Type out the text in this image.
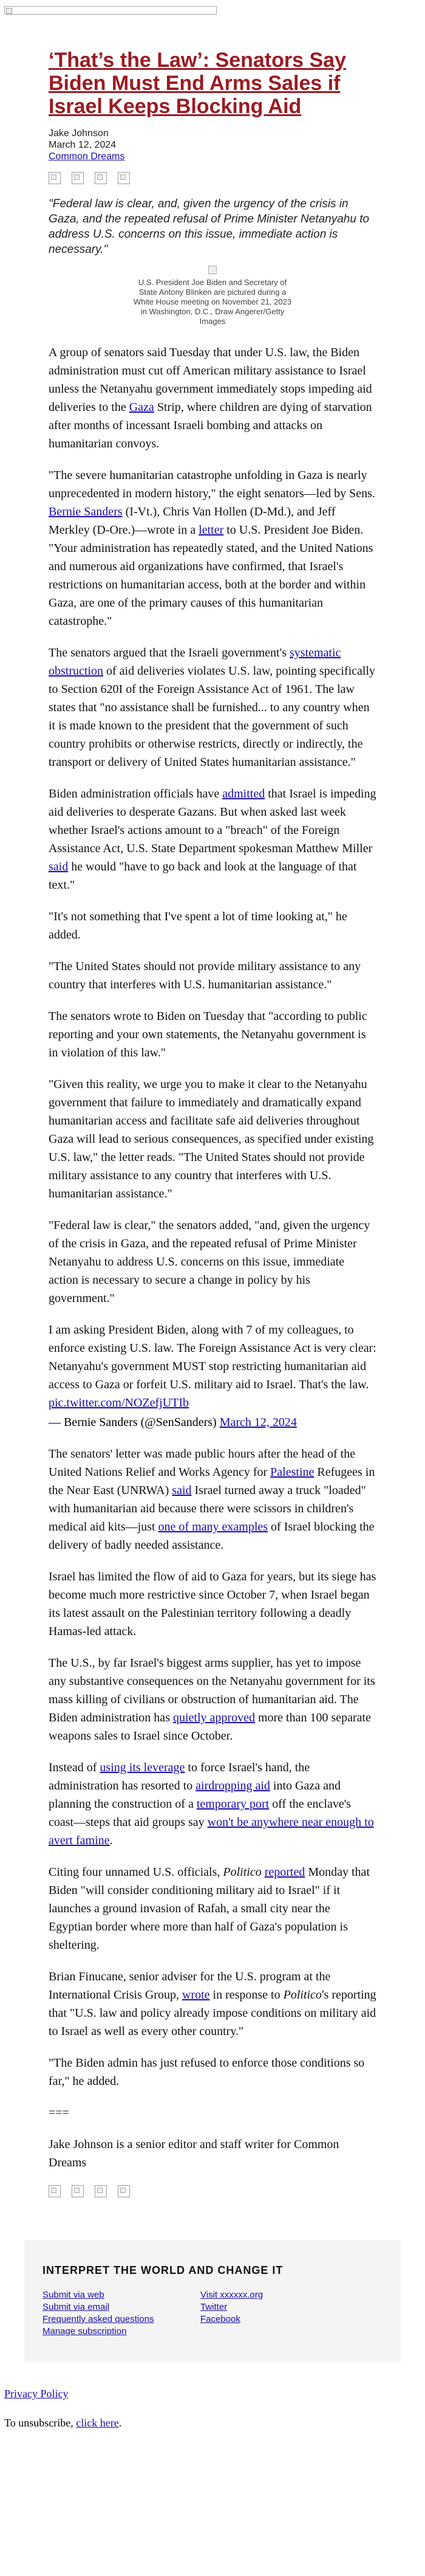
‘That’s the Law’: Senators Say Biden Must End Arms Sales if Israel Keeps Blocking Aid
Jake Johnson
March 12, 2024
Common Dreams
"Federal law is clear, and, given the urgency of the crisis in Gaza, and the repeated refusal of Prime Minister Netanyahu to address U.S. concerns on this issue, immediate action is necessary."

U.S. President Joe Biden and Secretary of State Antony Blinken are pictured during a White House meeting on November 21, 2023 in Washington, D.C., Draw Angerer/Getty Images

A group of senators said Tuesday that under U.S. law, the Biden administration must cut off American military assistance to Israel unless the Netanyahu government immediately stops impeding aid deliveries to the Gaza Strip, where children are dying of starvation after months of incessant Israeli bombing and attacks on humanitarian convoys.

"The severe humanitarian catastrophe unfolding in Gaza is nearly unprecedented in modern history," the eight senators—led by Sens. Bernie Sanders (I-Vt.), Chris Van Hollen (D-Md.), and Jeff Merkley (D-Ore.)—wrote in a letter to U.S. President Joe Biden. "Your administration has repeatedly stated, and the United Nations and numerous aid organizations have confirmed, that Israel's restrictions on humanitarian access, both at the border and within Gaza, are one of the primary causes of this humanitarian catastrophe."

The senators argued that the Israeli government's systematic obstruction of aid deliveries violates U.S. law, pointing specifically to Section 620I of the Foreign Assistance Act of 1961. The law states that "no assistance shall be furnished... to any country when it is made known to the president that the government of such country prohibits or otherwise restricts, directly or indirectly, the transport or delivery of United States humanitarian assistance."

Biden administration officials have admitted that Israel is impeding aid deliveries to desperate Gazans. But when asked last week whether Israel's actions amount to a "breach" of the Foreign Assistance Act, U.S. State Department spokesman Matthew Miller said he would "have to go back and look at the language of that text."

"It's not something that I've spent a lot of time looking at," he added.

"The United States should not provide military assistance to any country that interferes with U.S. humanitarian assistance."

The senators wrote to Biden on Tuesday that "according to public reporting and your own statements, the Netanyahu government is in violation of this law."

"Given this reality, we urge you to make it clear to the Netanyahu government that failure to immediately and dramatically expand humanitarian access and facilitate safe aid deliveries throughout Gaza will lead to serious consequences, as specified under existing U.S. law," the letter reads. "The United States should not provide military assistance to any country that interferes with U.S. humanitarian assistance."

"Federal law is clear," the senators added, "and, given the urgency of the crisis in Gaza, and the repeated refusal of Prime Minister Netanyahu to address U.S. concerns on this issue, immediate action is necessary to secure a change in policy by his government."

I am asking President Biden, along with 7 of my colleagues, to enforce existing U.S. law. The Foreign Assistance Act is very clear: Netanyahu's government MUST stop restricting humanitarian aid access to Gaza or forfeit U.S. military aid to Israel. That's the law. pic.twitter.com/NOZefjUTIb

— Bernie Sanders (@SenSanders) March 12, 2024

The senators' letter was made public hours after the head of the United Nations Relief and Works Agency for Palestine Refugees in the Near East (UNRWA) said Israel turned away a truck "loaded" with humanitarian aid because there were scissors in children's medical aid kits—just one of many examples of Israel blocking the delivery of badly needed assistance.

Israel has limited the flow of aid to Gaza for years, but its siege has become much more restrictive since October 7, when Israel began its latest assault on the Palestinian territory following a deadly Hamas-led attack.

The U.S., by far Israel's biggest arms supplier, has yet to impose any substantive consequences on the Netanyahu government for its mass killing of civilians or obstruction of humanitarian aid. The Biden administration has quietly approved more than 100 separate weapons sales to Israel since October.

Instead of using its leverage to force Israel's hand, the administration has resorted to airdropping aid into Gaza and planning the construction of a temporary port off the enclave's coast—steps that aid groups say won't be anywhere near enough to avert famine.

Citing four unnamed U.S. officials, Politico reported Monday that Biden "will consider conditioning military aid to Israel" if it launches a ground invasion of Rafah, a small city near the Egyptian border where more than half of Gaza's population is sheltering.

Brian Finucane, senior adviser for the U.S. program at the International Crisis Group, wrote in response to Politico's reporting that "U.S. law and policy already impose conditions on military aid to Israel as well as every other country."

"The Biden admin has just refused to enforce those conditions so far," he added.

===

Jake Johnson is a senior editor and staff writer for Common Dreams

INTERPRET THE WORLD AND CHANGE IT
Submit via web
Submit via email
Frequently asked questions
Manage subscription
Visit xxxxxx.org
Twitter
Facebook
Privacy Policy
To unsubscribe, click here.
